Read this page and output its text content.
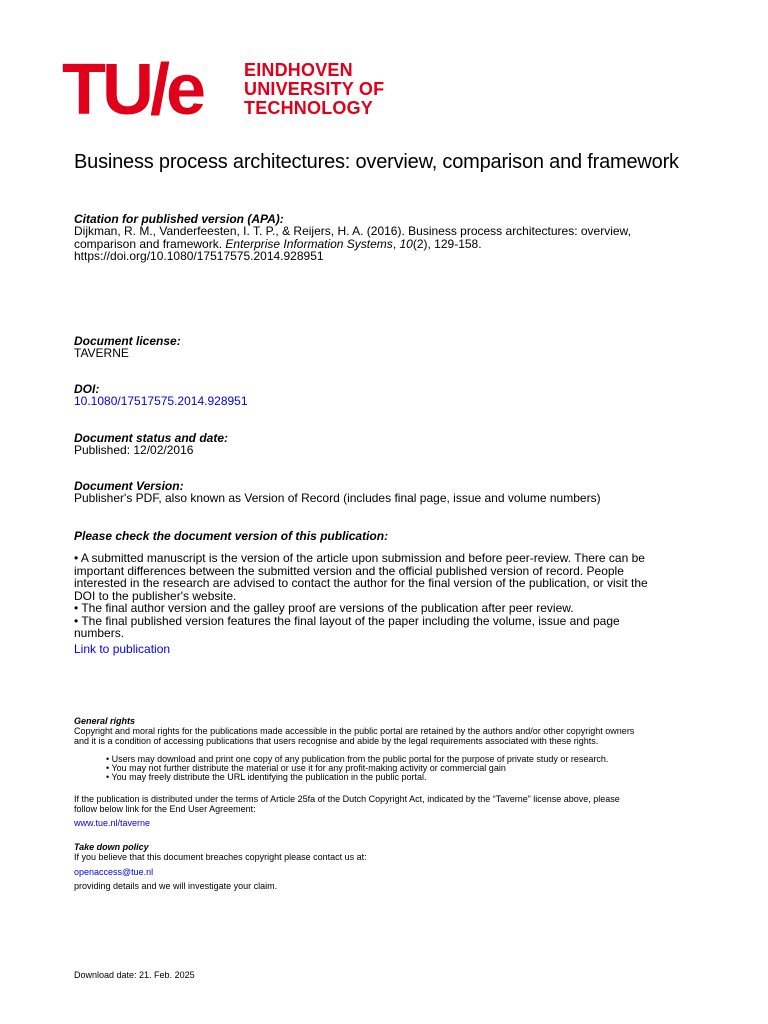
TU/e EINDHOVEN
UNIVERSITY OF
TECHNOLOGY
Business process architectures: overview, comparison and framework
Citation for published version (APA):
Dijkman, R. M., Vanderfeesten, I. T. P., & Reijers, H. A. (2016). Business process architectures: overview,
comparison and framework. Enterprise Information Systems, 10(2), 129-158.
https://doi.org/10.1080/17517575.2014.928951
Document license:
TAVERNE
DOI:
10.1080/17517575.2014.928951
Document status and date:
Published: 12/02/2016
Document Version:
Publisher's PDF, also known as Version of Record (includes final page, issue and volume numbers)
Please check the document version of this publication:
• A submitted manuscript is the version of the article upon submission and before peer-review. There can be
important differences between the submitted version and the official published version of record. People
interested in the research are advised to contact the author for the final version of the publication, or visit the
DOI to the publisher's website.
• The final author version and the galley proof are versions of the publication after peer review.
• The final published version features the final layout of the paper including the volume, issue and page
numbers.
Link to publication
General rights
Copyright and moral rights for the publications made accessible in the public portal are retained by the authors and/or other copyright owners
and it is a condition of accessing publications that users recognise and abide by the legal requirements associated with these rights.
• Users may download and print one copy of any publication from the public portal for the purpose of private study or research.
• You may not further distribute the material or use it for any profit-making activity or commercial gain
• You may freely distribute the URL identifying the publication in the public portal.
If the publication is distributed under the terms of Article 25fa of the Dutch Copyright Act, indicated by the “Taverne” license above, please
follow below link for the End User Agreement:
www.tue.nl/taverne
Take down policy
If you believe that this document breaches copyright please contact us at:
openaccess@tue.nl
providing details and we will investigate your claim.
Download date: 21. Feb. 2025
